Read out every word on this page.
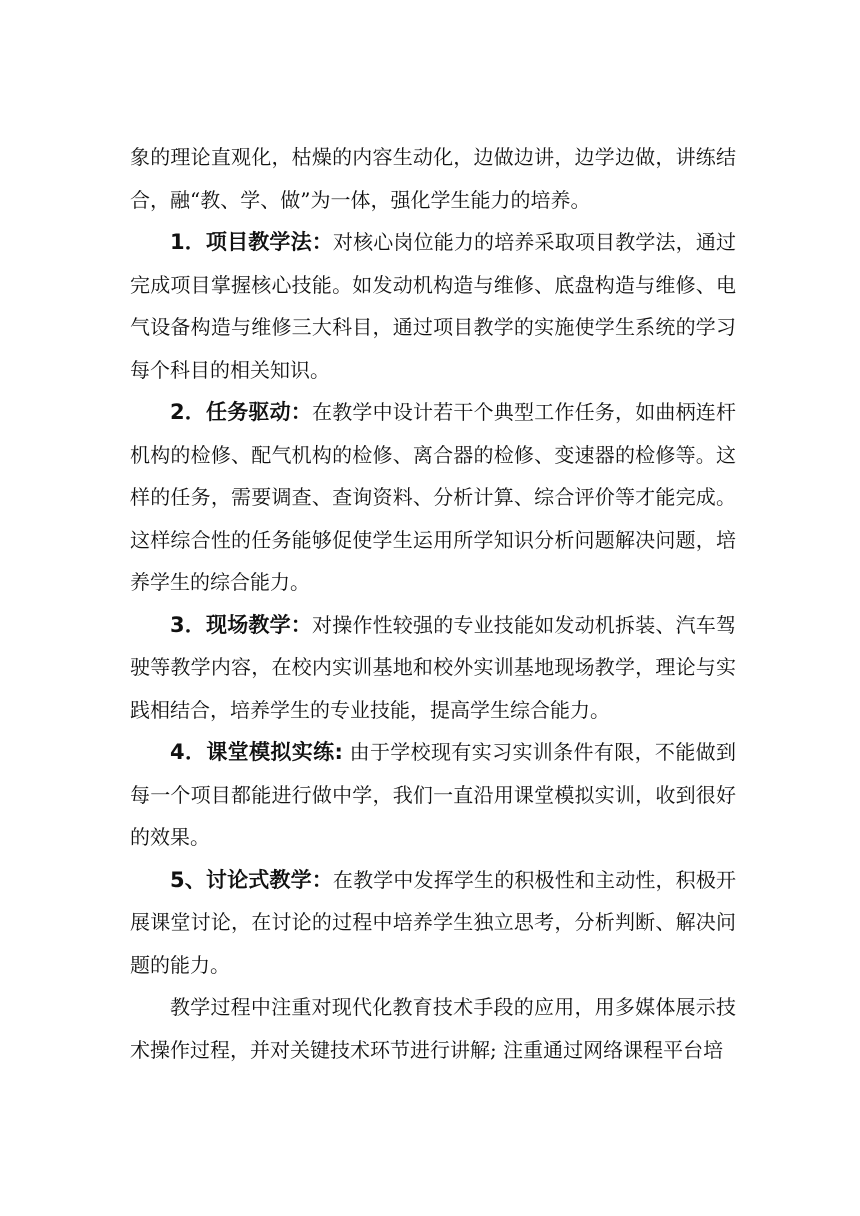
象的理论直观化，枯燥的内容生动化，边做边讲，边学边做，讲练结合，融“教、学、做”为一体，强化学生能力的培养。

1．项目教学法：对核心岗位能力的培养采取项目教学法，通过完成项目掌握核心技能。如发动机构造与维修、底盘构造与维修、电气设备构造与维修三大科目，通过项目教学的实施使学生系统的学习每个科目的相关知识。

2．任务驱动：在教学中设计若干个典型工作任务，如曲柄连杆机构的检修、配气机构的检修、离合器的检修、变速器的检修等。这样的任务，需要调查、查询资料、分析计算、综合评价等才能完成。这样综合性的任务能够促使学生运用所学知识分析问题解决问题，培养学生的综合能力。

3．现场教学：对操作性较强的专业技能如发动机拆装、汽车驾驶等教学内容，在校内实训基地和校外实训基地现场教学，理论与实践相结合，培养学生的专业技能，提高学生综合能力。

4．课堂模拟实练: 由于学校现有实习实训条件有限，不能做到每一个项目都能进行做中学，我们一直沿用课堂模拟实训，收到很好的效果。

5、讨论式教学：在教学中发挥学生的积极性和主动性，积极开展课堂讨论，在讨论的过程中培养学生独立思考，分析判断、解决问题的能力。

教学过程中注重对现代化教育技术手段的应用，用多媒体展示技术操作过程，并对关键技术环节进行讲解; 注重通过网络课程平台培
